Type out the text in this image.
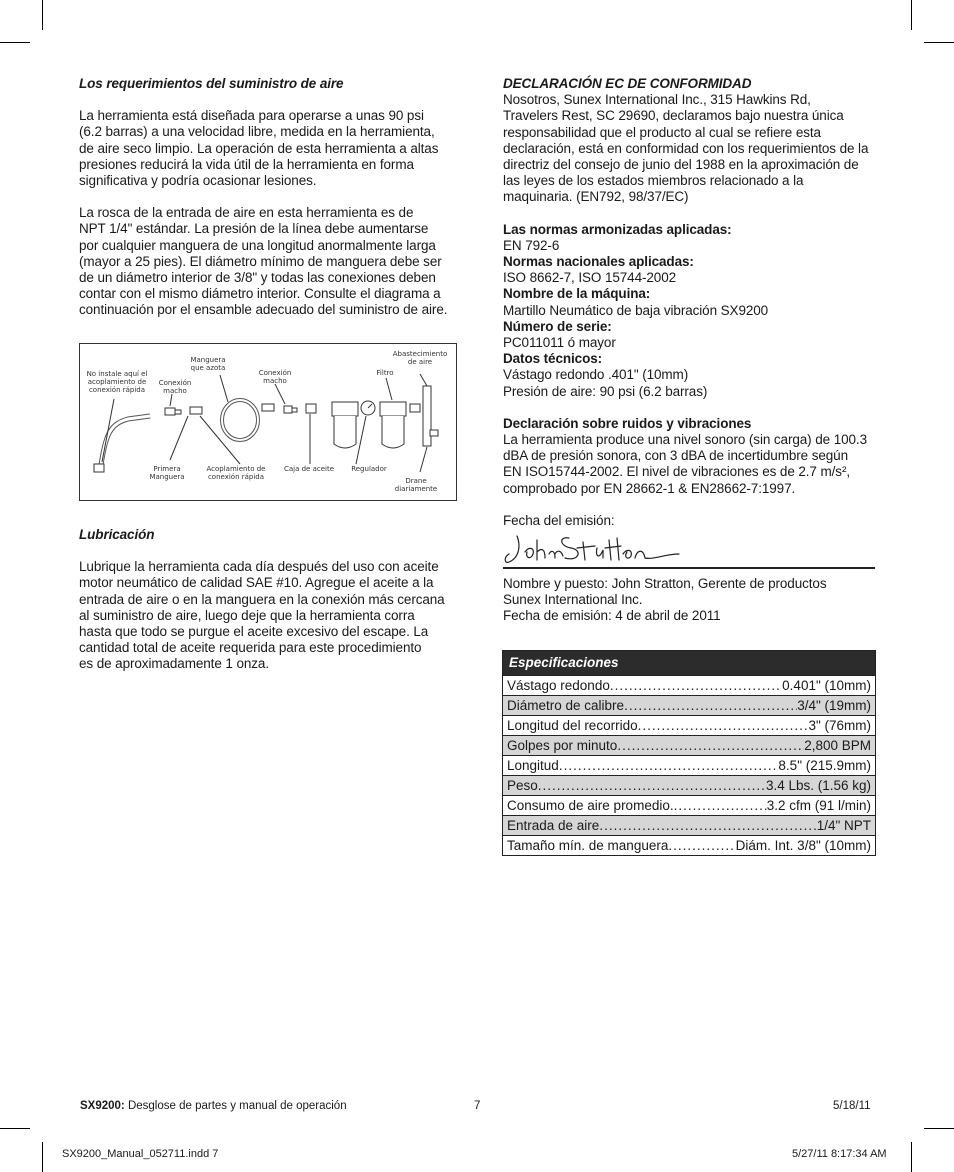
Los requerimientos del suministro de aire

La herramienta está diseñada para operarse a unas 90 psi
(6.2 barras) a una velocidad libre, medida en la herramienta,
de aire seco limpio. La operación de esta herramienta a altas
presiones reducirá la vida útil de la herramienta en forma
significativa y podría ocasionar lesiones.

La rosca de la entrada de aire en esta herramienta es de
NPT 1/4" estándar. La presión de la línea debe aumentarse
por cualquier manguera de una longitud anormalmente larga
(mayor a 25 pies). El diámetro mínimo de manguera debe ser
de un diámetro interior de 3/8" y todas las conexiones deben
contar con el mismo diámetro interior. Consulte el diagrama a
continuación por el ensamble adecuado del suministro de aire.

No instale aquí el
acoplamiento de
conexión rápida
Conexión
macho
Manguera
que azota
Conexión
macho
Filtro
Abastecimiento
de aire
Primera
Manguera
Acoplamiento de
conexión rápida
Caja de aceite	Regulador
Drane
diariamente

Lubricación

Lubrique la herramienta cada día después del uso con aceite
motor neumático de calidad SAE #10. Agregue el aceite a la
entrada de aire o en la manguera en la conexión más cercana
al suministro de aire, luego deje que la herramienta corra
hasta que todo se purgue el aceite excesivo del escape. La
cantidad total de aceite requerida para este procedimiento
es de aproximadamente 1 onza.

DECLARACIÓN EC DE CONFORMIDAD

Nosotros, Sunex International Inc., 315 Hawkins Rd,
Travelers Rest, SC 29690, declaramos bajo nuestra única
responsabilidad que el producto al cual se refiere esta
declaración, está en conformidad con los requerimientos de la
directriz del consejo de junio del 1988 en la aproximación de
las leyes de los estados miembros relacionado a la
maquinaria. (EN792, 98/37/EC)

Las normas armonizadas aplicadas:

EN 792-6

Normas nacionales aplicadas:

ISO 8662-7, ISO 15744-2002

Nombre de la máquina:

Martillo Neumático de baja vibración SX9200

Número de serie:

PC011011 ó mayor

Datos técnicos:

Vástago redondo .401" (10mm)
Presión de aire: 90 psi (6.2 barras)

Declaración sobre ruidos y vibraciones

La herramienta produce una nivel sonoro (sin carga) de 100.3
dBA de presión sonora, con 3 dBA de incertidumbre según
EN ISO15744-2002. El nivel de vibraciones es de 2.7 m/s²,
comprobado por EN 28662-1 & EN28662-7:1997.

Fecha del emisión:

Nombre y puesto: John Stratton, Gerente de productos
Sunex International Inc.
Fecha de emisión: 4 de abril de 2011

Especificaciones
Vástago redondo .....	0.401" (10mm)
Diámetro de calibre .....	3/4" (19mm)
Longitud del recorrido .....	3" (76mm)
Golpes por minuto .....	2,800 BPM
Longitud .....	8.5" (215.9mm)
Peso .....	3.4 Lbs. (1.56 kg)
Consumo de aire promedio. .....	3.2 cfm (91 l/min)
Entrada de aire .....	1/4" NPT
Tamaño mín. de manguera .....	Diám. Int. 3/8" (10mm)
SX9200: Desglose de partes y manual de operación	7	5/18/11
SX9200_Manual_052711.indd 7	5/27/11 8:17:34 AM
